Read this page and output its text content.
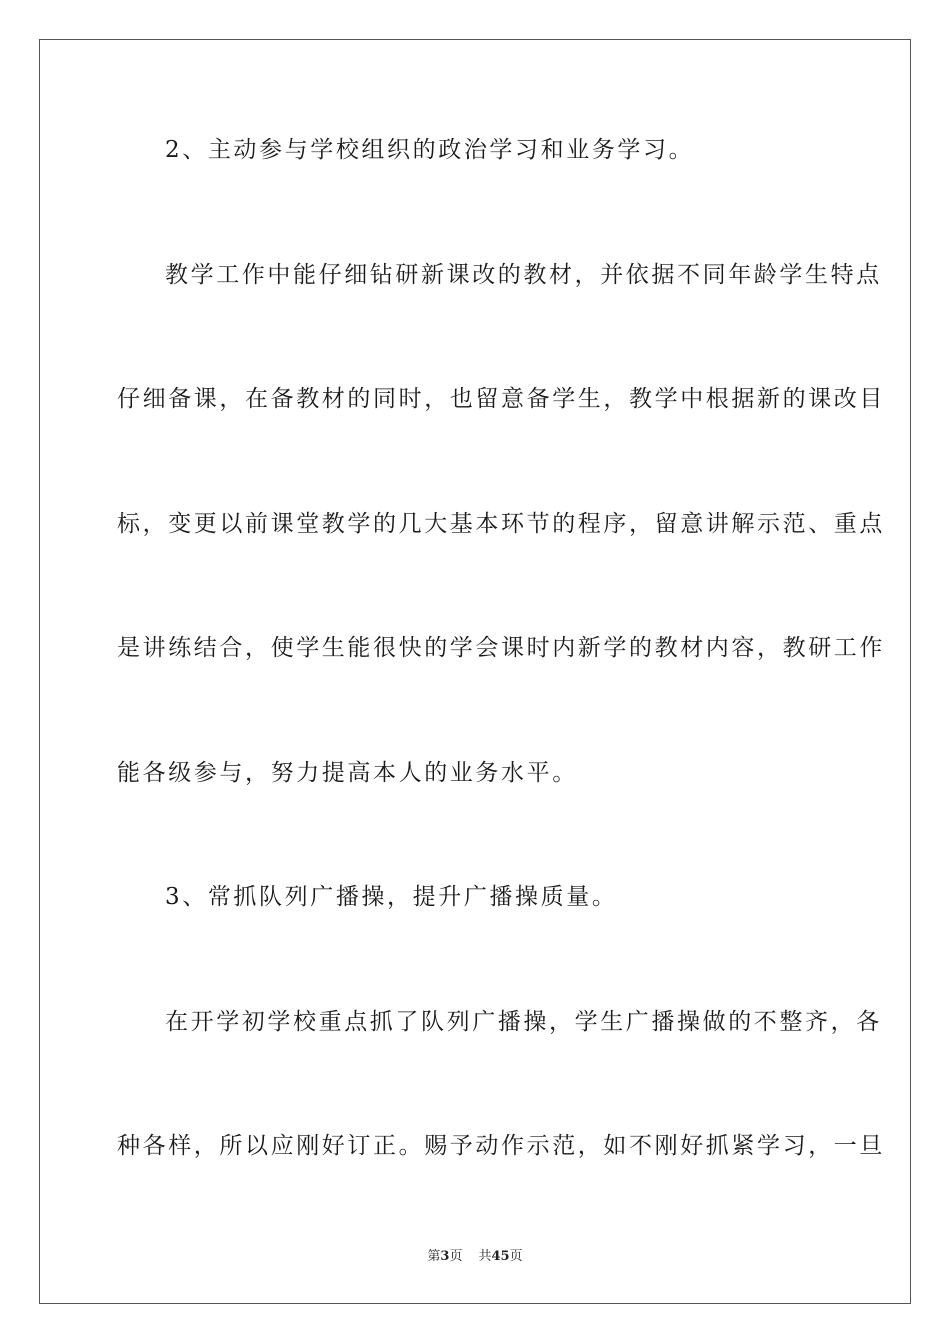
2、主动参与学校组织的政治学习和业务学习。
教学工作中能仔细钻研新课改的教材，并依据不同年龄学生特点
仔细备课，在备教材的同时，也留意备学生，教学中根据新的课改目
标，变更以前课堂教学的几大基本环节的程序，留意讲解示范、重点
是讲练结合，使学生能很快的学会课时内新学的教材内容，教研工作
能各级参与，努力提高本人的业务水平。
3、常抓队列广播操，提升广播操质量。
在开学初学校重点抓了队列广播操，学生广播操做的不整齐，各
种各样，所以应刚好订正。赐予动作示范，如不刚好抓紧学习，一旦
第3页 共45页
